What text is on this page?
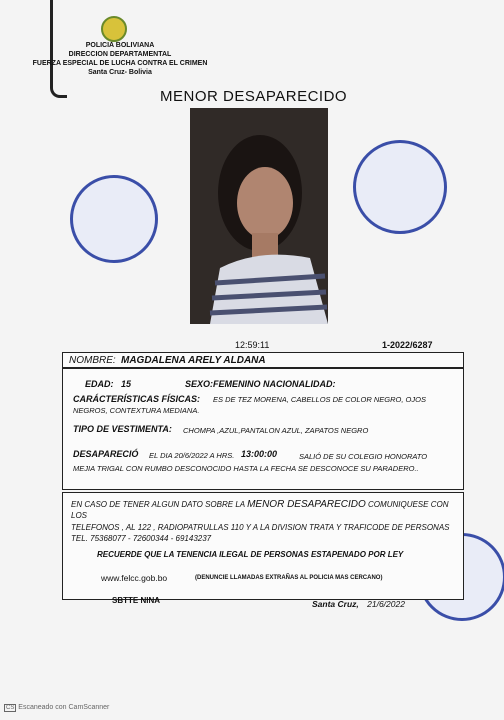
POLICIA BOLIVIANA
DIRECCION DEPARTAMENTAL
FUERZA ESPECIAL DE LUCHA CONTRA EL CRIMEN
Santa Cruz- Bolivia
MENOR DESAPARECIDO
12:59:11	1-2022/6287
NOMBRE: MAGDALENA ARELY ALDANA
EDAD: 15	SEXO:FEMENINO NACIONALIDAD:
CARÁCTERÍSTICAS FÍSICAS:	ES DE TEZ MORENA, CABELLOS DE COLOR NEGRO, OJOS NEGROS, CONTEXTURA MEDIANA.
TIPO DE VESTIMENTA: CHOMPA ,AZUL,PANTALON AZUL, ZAPATOS NEGRO
DESAPARECIÓ EL DIA 20/6/2022 A HRS. 13:00:00	SALIÓ DE SU COLEGIO HONORATO MEJIA TRIGAL CON RUMBO DESCONOCIDO HASTA LA FECHA SE DESCONOCE SU PARADERO..
EN CASO DE TENER ALGUN DATO SOBRE LA MENOR DESAPARECIDO COMUNIQUESE CON LOS
TELEFONOS , AL 122 , RADIOPATRULLAS 110 Y A LA DIVISION TRATA Y TRAFICODE DE PERSONAS TEL. 75368077 - 72600344 - 69143237
RECUERDE QUE LA TENENCIA ILEGAL DE PERSONAS ESTAPENADO POR LEY
www.felcc.gob.bo	(DENUNCIE LLAMADAS EXTRAÑAS AL POLICIA MAS CERCANO)
SBTTE NINA	Santa Cruz, 21/6/2022
CS Escaneado con CamScanner
